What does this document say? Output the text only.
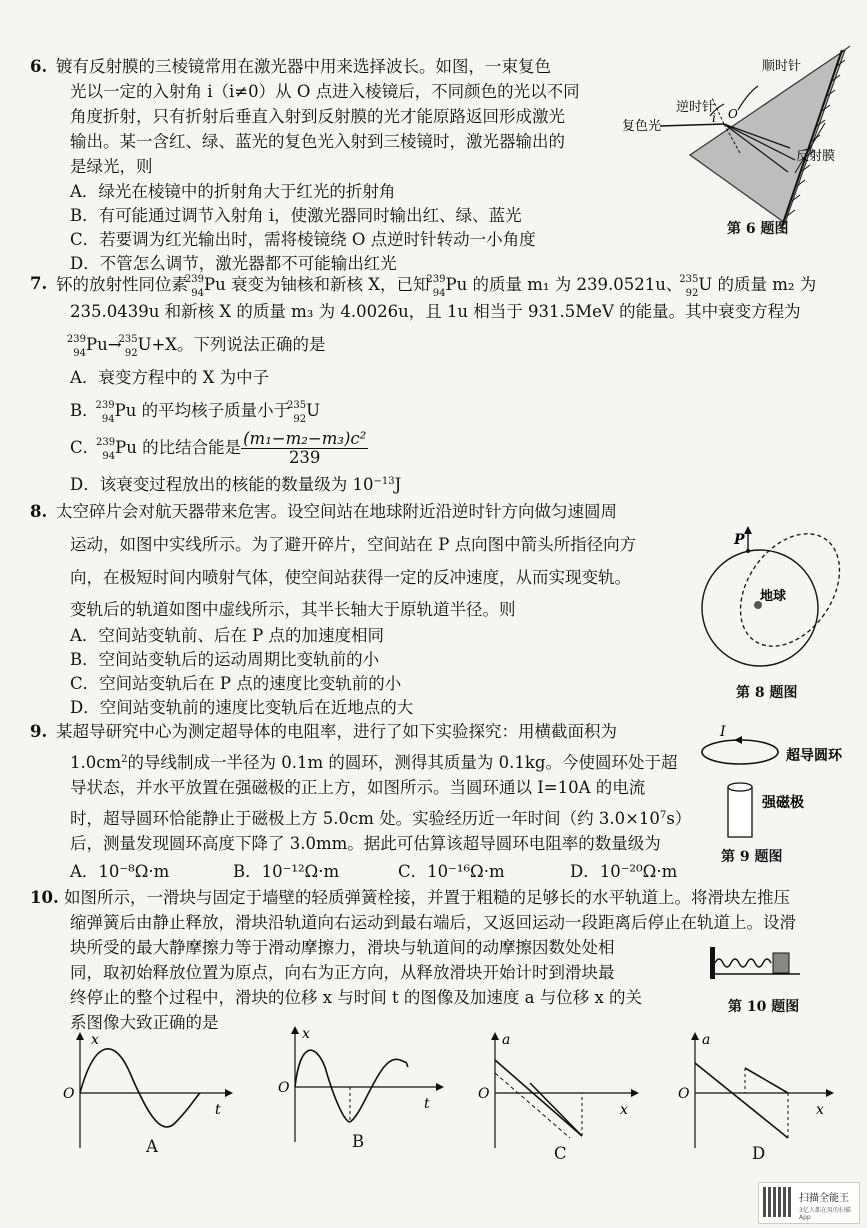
6. 镀有反射膜的三棱镜常用在激光器中用来选择波长。如图，一束复色
光以一定的入射角 i（i≠0）从 O 点进入棱镜后，不同颜色的光以不同
角度折射，只有折射后垂直入射到反射膜的光才能原路返回形成激光
输出。某一含红、绿、蓝光的复色光入射到三棱镜时，激光器输出的
是绿光，则
A．绿光在棱镜中的折射角大于红光的折射角
B．有可能通过调节入射角 i，使激光器同时输出红、绿、蓝光
C．若要调为红光输出时，需将棱镜绕 O 点逆时针转动一小角度
D．不管怎么调节，激光器都不可能输出红光
顺时针
逆时针
复色光
反射膜
i O
第 6 题图
7. 钚的放射性同位素
239
94 Pu 衰变为铀核和新核 X，已知
239
94 Pu 的质量 m₁ 为 239.0521u、
235
92 U 的质量 m₂ 为
235.0439u 和新核 X 的质量 m₃ 为 4.0026u，且 1u 相当于 931.5MeV 的能量。其中衰变方程为
239
94 Pu→
235
92 U+X。下列说法正确的是
A．衰变方程中的 X 为中子
B．
239
94 Pu 的平均核子质量小于
235
92 U
C．
239
94 Pu 的比结合能是 $\frac{\text{(m₁−m₂−m₃)c²}}{239}$
D．该衰变过程放出的核能的数量级为 $10^{-13}J$
8. 太空碎片会对航天器带来危害。设空间站在地球附近沿逆时针方向做匀速圆周
运动，如图中实线所示。为了避开碎片，空间站在 P 点向图中箭头所指径向方
向，在极短时间内喷射气体，使空间站获得一定的反冲速度，从而实现变轨。
变轨后的轨道如图中虚线所示，其半长轴大于原轨道半径。则
A．空间站变轨前、后在 P 点的加速度相同
B．空间站变轨后的运动周期比变轨前的小
C．空间站变轨后在 P 点的速度比变轨前的小
D．空间站变轨前的速度比变轨后在近地点的大
P
地球
第 8 题图
9. 某超导研究中心为测定超导体的电阻率，进行了如下实验探究：用横截面积为
$1.0cm^2$的导线制成一半径为 0.1m 的圆环，测得其质量为 0.1kg。今使圆环处于超
导状态，并水平放置在强磁极的正上方，如图所示。当圆环通以 I=10A 的电流
时，超导圆环恰能静止于磁极上方 5.0cm 处。实验经历近一年时间（约 $3.0\times 10^7s$）
后，测量发现圆环高度下降了 3.0mm。据此可估算该超导圆环电阻率的数量级为
A．10⁻⁸Ω·m	B．10⁻¹²Ω·m	C．10⁻¹⁶Ω·m	D．10⁻²⁰Ω·m
I
超导圆环
强磁极
第 9 题图
10. 如图所示，一滑块与固定于墙壁的轻质弹簧栓接，并置于粗糙的足够长的水平轨道上。将滑块左推压
缩弹簧后由静止释放，滑块沿轨道向右运动到最右端后，又返回运动一段距离后停止在轨道上。设滑
块所受的最大静摩擦力等于滑动摩擦力，滑块与轨道间的动摩擦因数处处相
同，取初始释放位置为原点，向右为正方向，从释放滑块开始计时到滑块最
终停止的整个过程中，滑块的位移 x 与时间 t 的图像及加速度 a 与位移 x 的关
系图像大致正确的是
第 10 题图
x
t
O
A
x
t
O
B
a
x
O
C
a
x
O
D
扫描全能王
3亿人都在用的扫描App
